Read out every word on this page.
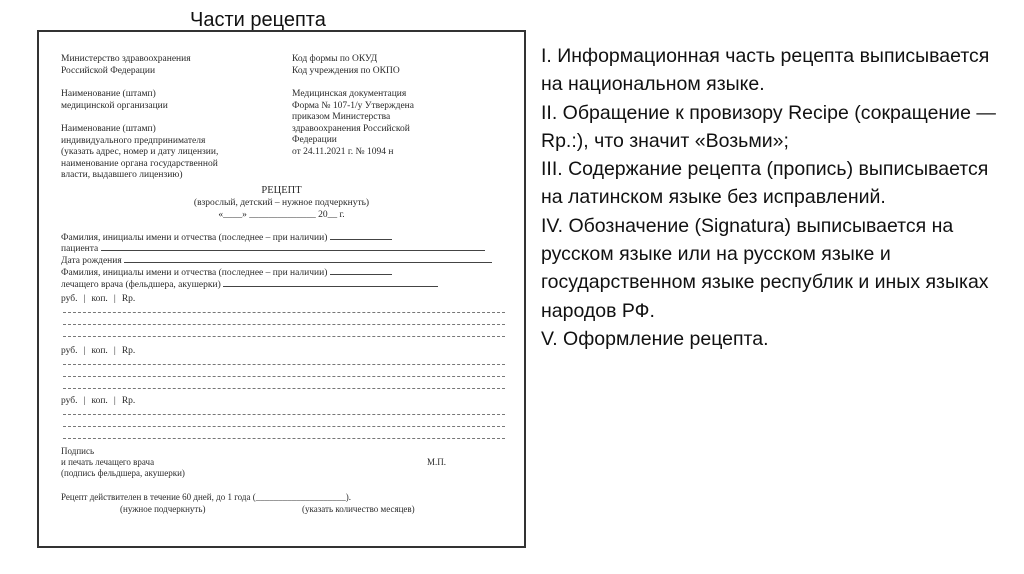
Части рецепта
Министерство здравоохранения
Российской Федерации
Код формы по ОКУД
Код учреждения по ОКПО
Наименование (штамп)
медицинской организации
Медицинская документация
Форма № 107-1/у Утверждена
приказом Министерства
здравоохранения Российской
Федерации
от 24.11.2021 г. № 1094 н
Наименование (штамп)
индивидуального предпринимателя
(указать адрес, номер и дату лицензии,
наименование органа государственной
власти, выдавшего лицензию)
РЕЦЕПТ
(взрослый, детский – нужное подчеркнуть)
«____» ______________ 20__ г.
Фамилия, инициалы имени и отчества (последнее – при наличии)
пациента
Дата рождения
Фамилия, инициалы имени и отчества (последнее – при наличии)
лечащего врача (фельдшера, акушерки)
руб. | коп. | Rp.
руб. | коп. | Rp.
руб. | коп. | Rp.
Подпись
и печать лечащего врача
(подпись фельдшера, акушерки)
М.П.
Рецепт действителен в течение 60 дней, до 1 года (____________________).
(нужное подчеркнуть)	(указать количество месяцев)

I. Информационная часть рецепта выписывается на национальном языке.

II. Обращение к провизору Recipe (сокращение — Rp.:), что значит «Возьми»;

III. Содержание рецепта (пропись) выписывается на латинском языке без исправлений.

IV. Обозначение (Signatura) выписывается на русском языке или на русском языке и государственном языке республик и иных языках народов РФ.

V. Оформление рецепта.
